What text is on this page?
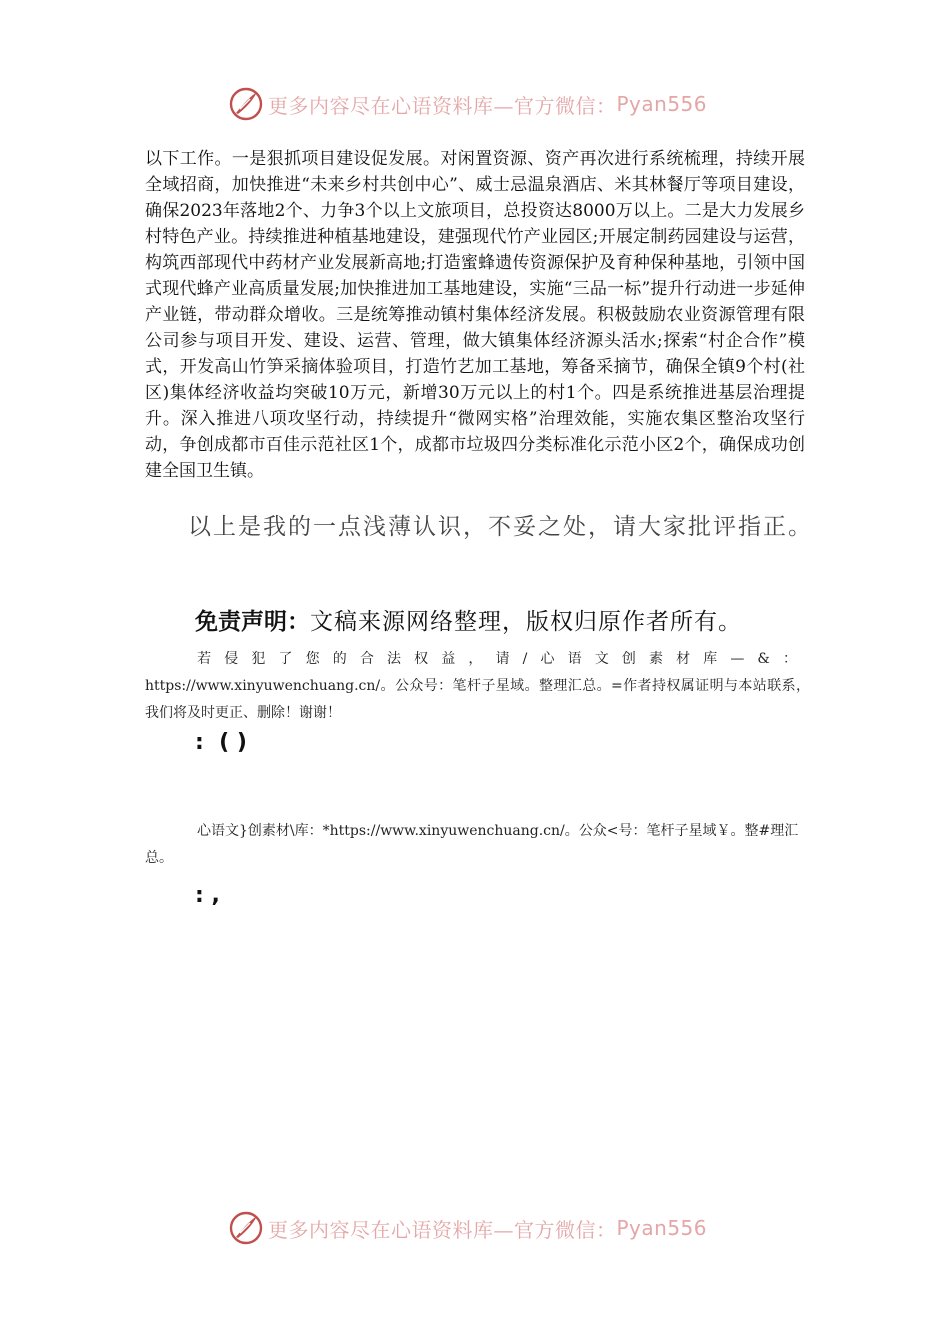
更多内容尽在心语资料库—官方微信： Pyan556
以下工作。一是狠抓项目建设促发展。对闲置资源、资产再次进行系统梳理，持续开展全域招商，加快推进“未来乡村共创中心”、威士忌温泉酒店、米其林餐厅等项目建设，确保2023年落地2个、力争3个以上文旅项目，总投资达8000万以上。二是大力发展乡村特色产业。持续推进种植基地建设，建强现代竹产业园区;开展定制药园建设与运营，构筑西部现代中药材产业发展新高地;打造蜜蜂遗传资源保护及育种保种基地，引领中国式现代蜂产业高质量发展;加快推进加工基地建设，实施“三品一标”提升行动进一步延伸产业链，带动群众增收。三是统筹推动镇村集体经济发展。积极鼓励农业资源管理有限公司参与项目开发、建设、运营、管理，做大镇集体经济源头活水;探索“村企合作”模式，开发高山竹笋采摘体验项目，打造竹艺加工基地，筹备采摘节，确保全镇9个村(社区)集体经济收益均突破10万元，新增30万元以上的村1个。四是系统推进基层治理提升。深入推进八项攻坚行动，持续提升“微网实格”治理效能，实施农集区整治攻坚行动，争创成都市百佳示范社区1个，成都市垃圾四分类标准化示范小区2个，确保成功创建全国卫生镇。
以上是我的一点浅薄认识，不妥之处，请大家批评指正。
免责声明：文稿来源网络整理，版权归原作者所有。
若侵犯了您的合法权益，请/心语文创素材库—&：https://www.xinyuwenchuang.cn/。公众号：笔杆子星域。整理汇总。=作者持权属证明与本站联系，我们将及时更正、删除！谢谢！
:  ( )
心语文}创素材\库：*https://www.xinyuwenchuang.cn/。公众<号：笔杆子星域￥。整#理汇总。
: ,
更多内容尽在心语资料库—官方微信： Pyan556
